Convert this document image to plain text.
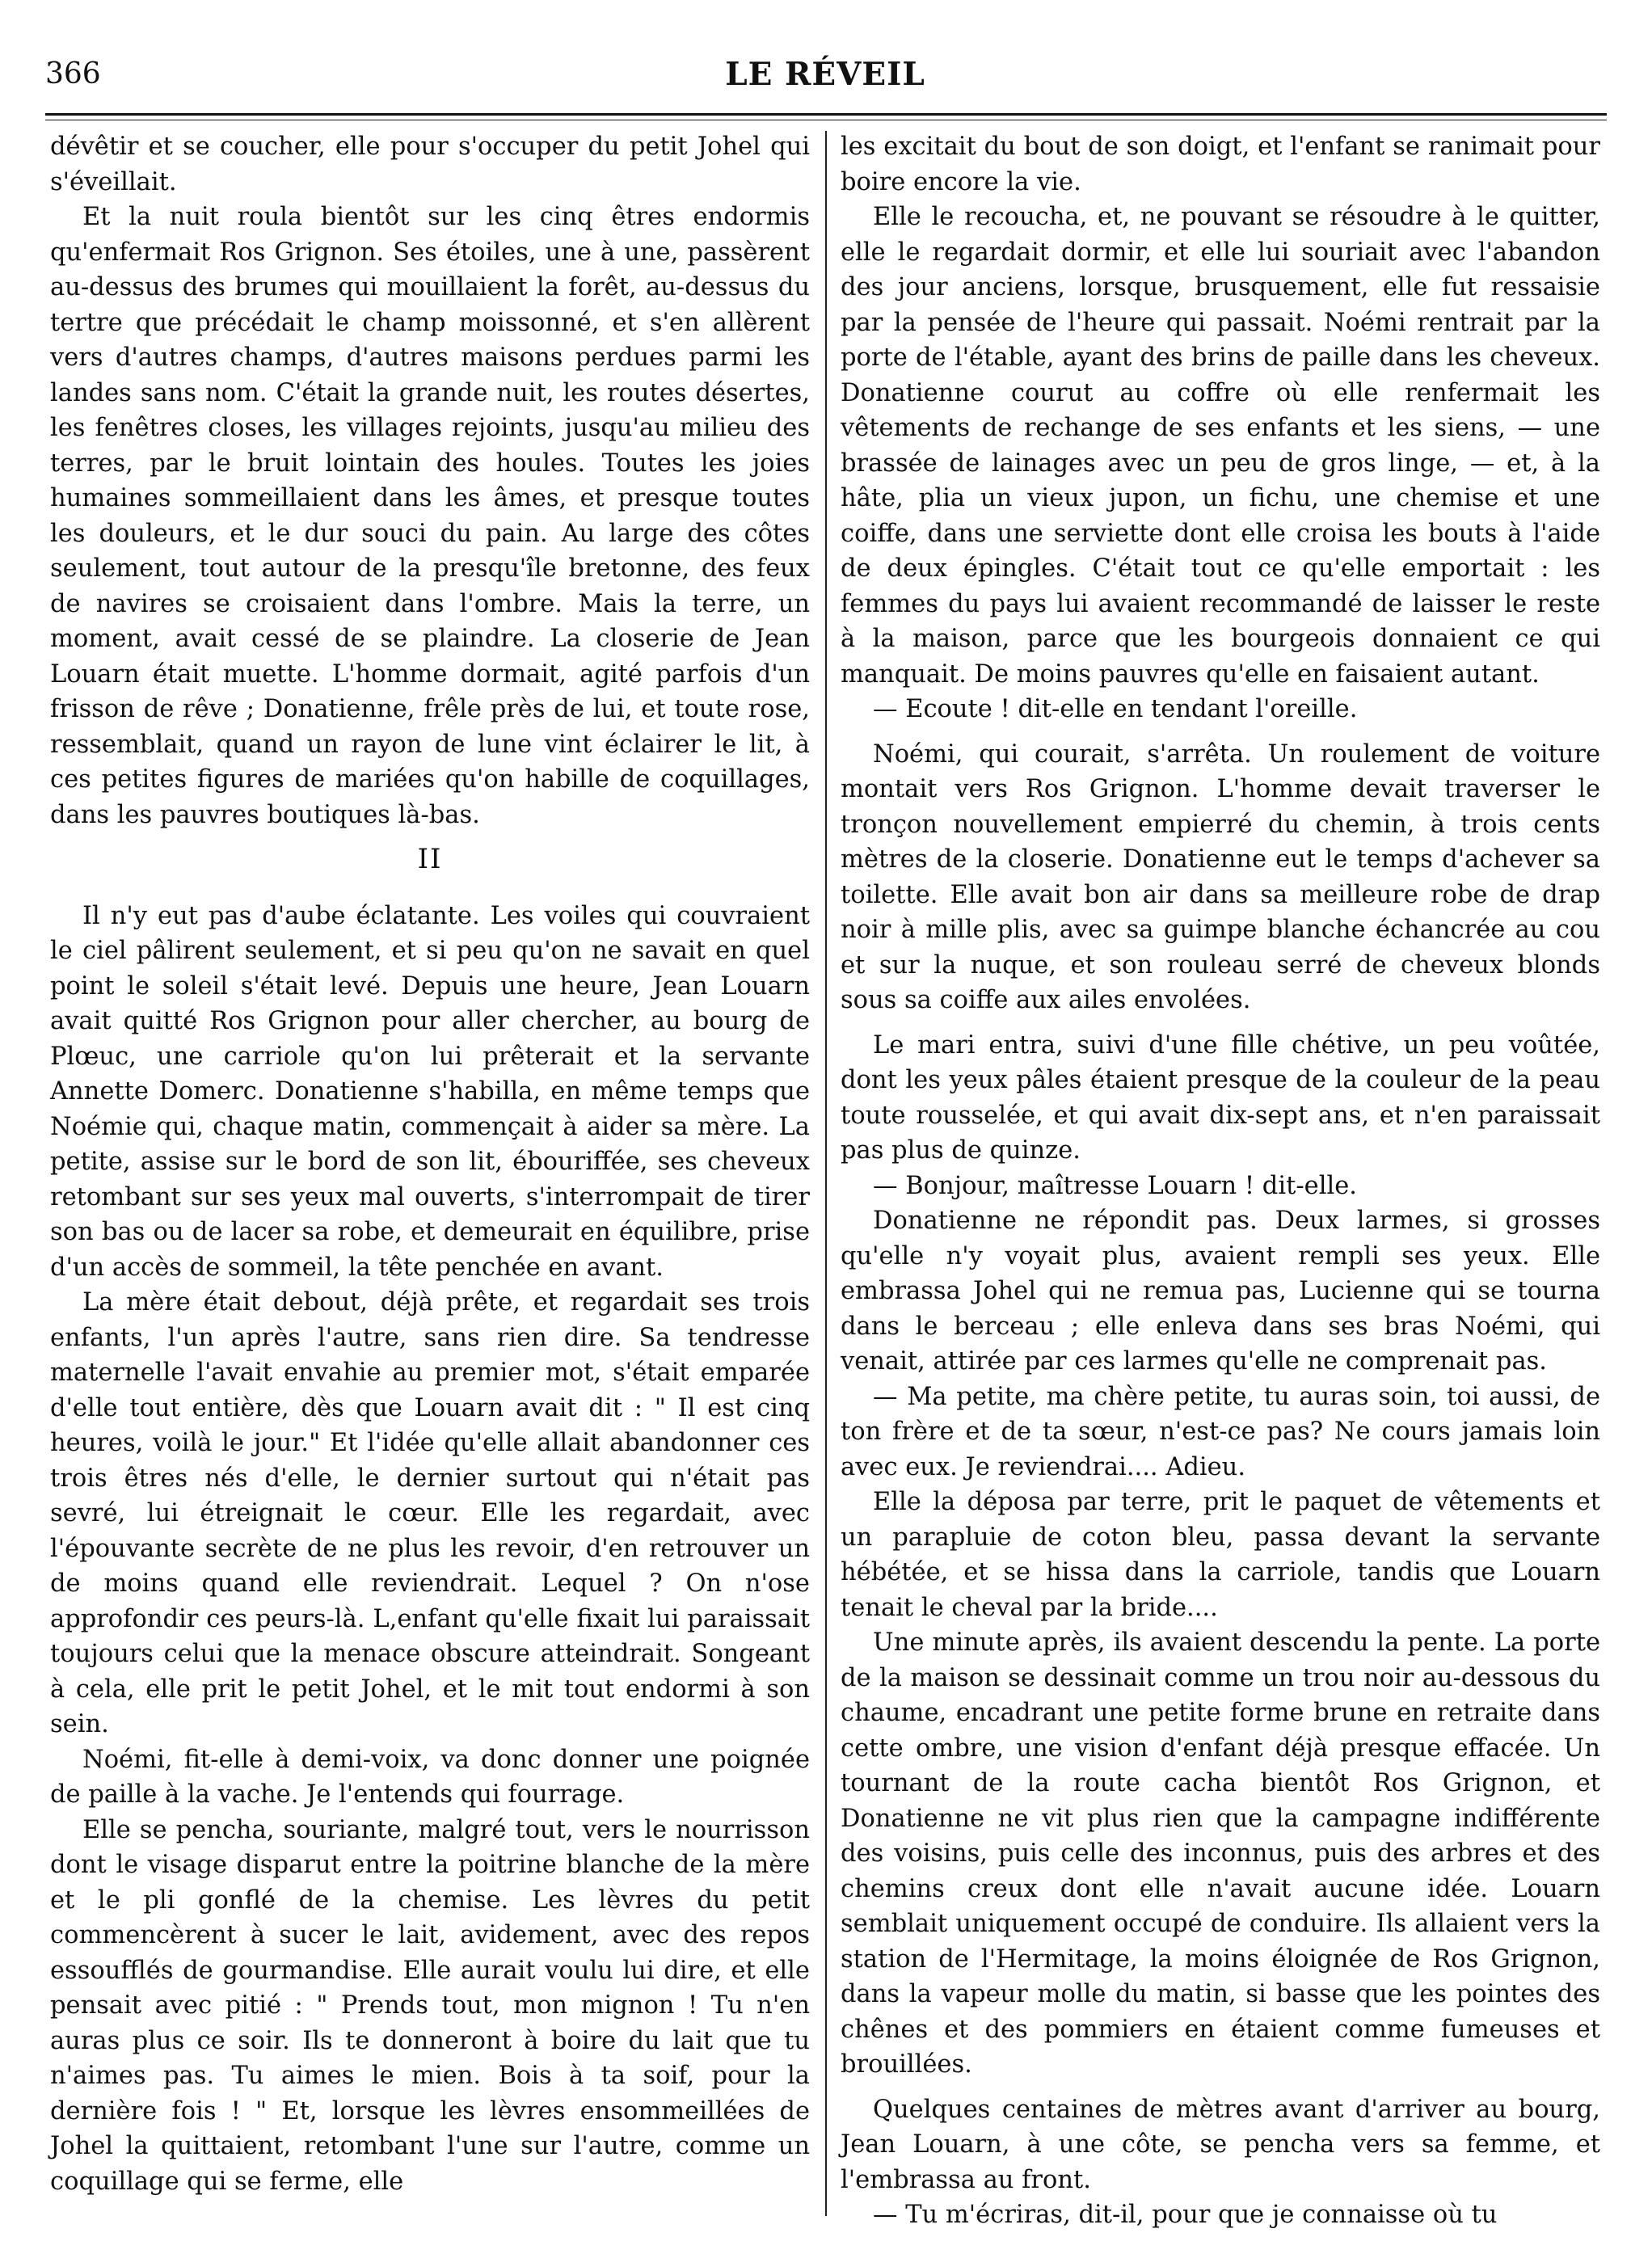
366	LE RÉVEIL

dévêtir et se coucher, elle pour s'occuper du petit Johel qui s'éveillait.

Et la nuit roula bientôt sur les cinq êtres endormis qu'enfermait Ros Grignon. Ses étoiles, une à une, passèrent au-dessus des brumes qui mouillaient la forêt, au-dessus du tertre que précédait le champ moissonné, et s'en allèrent vers d'autres champs, d'autres maisons perdues parmi les landes sans nom. C'était la grande nuit, les routes désertes, les fenêtres closes, les villages rejoints, jusqu'au milieu des terres, par le bruit lointain des houles. Toutes les joies humaines sommeillaient dans les âmes, et presque toutes les douleurs, et le dur souci du pain. Au large des côtes seulement, tout autour de la presqu'île bretonne, des feux de navires se croisaient dans l'ombre. Mais la terre, un moment, avait cessé de se plaindre. La closerie de Jean Louarn était muette. L'homme dormait, agité parfois d'un frisson de rêve ; Donatienne, frêle près de lui, et toute rose, ressemblait, quand un rayon de lune vint éclairer le lit, à ces petites figures de mariées qu'on habille de coquillages, dans les pauvres boutiques là-bas.

II

Il n'y eut pas d'aube éclatante. Les voiles qui couvraient le ciel pâlirent seulement, et si peu qu'on ne savait en quel point le soleil s'était levé. Depuis une heure, Jean Louarn avait quitté Ros Grignon pour aller chercher, au bourg de Plœuc, une carriole qu'on lui prêterait et la servante Annette Domerc. Donatienne s'habilla, en même temps que Noémie qui, chaque matin, commençait à aider sa mère. La petite, assise sur le bord de son lit, ébouriffée, ses cheveux retombant sur ses yeux mal ouverts, s'interrompait de tirer son bas ou de lacer sa robe, et demeurait en équilibre, prise d'un accès de sommeil, la tête penchée en avant.

La mère était debout, déjà prête, et regardait ses trois enfants, l'un après l'autre, sans rien dire. Sa tendresse maternelle l'avait envahie au premier mot, s'était emparée d'elle tout entière, dès que Louarn avait dit : " Il est cinq heures, voilà le jour." Et l'idée qu'elle allait abandonner ces trois êtres nés d'elle, le dernier surtout qui n'était pas sevré, lui étreignait le cœur. Elle les regardait, avec l'épouvante secrète de ne plus les revoir, d'en retrouver un de moins quand elle reviendrait. Lequel ? On n'ose approfondir ces peurs-là. L,enfant qu'elle fixait lui paraissait toujours celui que la menace obscure atteindrait. Songeant à cela, elle prit le petit Johel, et le mit tout endormi à son sein.

Noémi, fit-elle à demi-voix, va donc donner une poignée de paille à la vache. Je l'entends qui fourrage.

Elle se pencha, souriante, malgré tout, vers le nourrisson dont le visage disparut entre la poitrine blanche de la mère et le pli gonflé de la chemise. Les lèvres du petit commencèrent à sucer le lait, avidement, avec des repos essoufflés de gourmandise. Elle aurait voulu lui dire, et elle pensait avec pitié : " Prends tout, mon mignon ! Tu n'en auras plus ce soir. Ils te donneront à boire du lait que tu n'aimes pas. Tu aimes le mien. Bois à ta soif, pour la dernière fois ! " Et, lorsque les lèvres ensommeillées de Johel la quittaient, retombant l'une sur l'autre, comme un coquillage qui se ferme, elle

les excitait du bout de son doigt, et l'enfant se ranimait pour boire encore la vie.

Elle le recoucha, et, ne pouvant se résoudre à le quitter, elle le regardait dormir, et elle lui souriait avec l'abandon des jour anciens, lorsque, brusquement, elle fut ressaisie par la pensée de l'heure qui passait. Noémi rentrait par la porte de l'étable, ayant des brins de paille dans les cheveux. Donatienne courut au coffre où elle renfermait les vêtements de rechange de ses enfants et les siens, — une brassée de lainages avec un peu de gros linge, — et, à la hâte, plia un vieux jupon, un fichu, une chemise et une coiffe, dans une serviette dont elle croisa les bouts à l'aide de deux épingles. C'était tout ce qu'elle emportait : les femmes du pays lui avaient recommandé de laisser le reste à la maison, parce que les bourgeois donnaient ce qui manquait. De moins pauvres qu'elle en faisaient autant.

— Ecoute ! dit-elle en tendant l'oreille.

Noémi, qui courait, s'arrêta. Un roulement de voiture montait vers Ros Grignon. L'homme devait traverser le tronçon nouvellement empierré du chemin, à trois cents mètres de la closerie. Donatienne eut le temps d'achever sa toilette. Elle avait bon air dans sa meilleure robe de drap noir à mille plis, avec sa guimpe blanche échancrée au cou et sur la nuque, et son rouleau serré de cheveux blonds sous sa coiffe aux ailes envolées.

Le mari entra, suivi d'une fille chétive, un peu voûtée, dont les yeux pâles étaient presque de la couleur de la peau toute rousselée, et qui avait dix-sept ans, et n'en paraissait pas plus de quinze.

— Bonjour, maîtresse Louarn ! dit-elle.

Donatienne ne répondit pas. Deux larmes, si grosses qu'elle n'y voyait plus, avaient rempli ses yeux. Elle embrassa Johel qui ne remua pas, Lucienne qui se tourna dans le berceau ; elle enleva dans ses bras Noémi, qui venait, attirée par ces larmes qu'elle ne comprenait pas.

— Ma petite, ma chère petite, tu auras soin, toi aussi, de ton frère et de ta sœur, n'est-ce pas? Ne cours jamais loin avec eux. Je reviendrai.... Adieu.

Elle la déposa par terre, prit le paquet de vêtements et un parapluie de coton bleu, passa devant la servante hébétée, et se hissa dans la carriole, tandis que Louarn tenait le cheval par la bride....

Une minute après, ils avaient descendu la pente. La porte de la maison se dessinait comme un trou noir au-dessous du chaume, encadrant une petite forme brune en retraite dans cette ombre, une vision d'enfant déjà presque effacée. Un tournant de la route cacha bientôt Ros Grignon, et Donatienne ne vit plus rien que la campagne indifférente des voisins, puis celle des inconnus, puis des arbres et des chemins creux dont elle n'avait aucune idée. Louarn semblait uniquement occupé de conduire. Ils allaient vers la station de l'Hermitage, la moins éloignée de Ros Grignon, dans la vapeur molle du matin, si basse que les pointes des chênes et des pommiers en étaient comme fumeuses et brouillées.

Quelques centaines de mètres avant d'arriver au bourg, Jean Louarn, à une côte, se pencha vers sa femme, et l'embrassa au front.

— Tu m'écriras, dit-il, pour que je connaisse où tu
